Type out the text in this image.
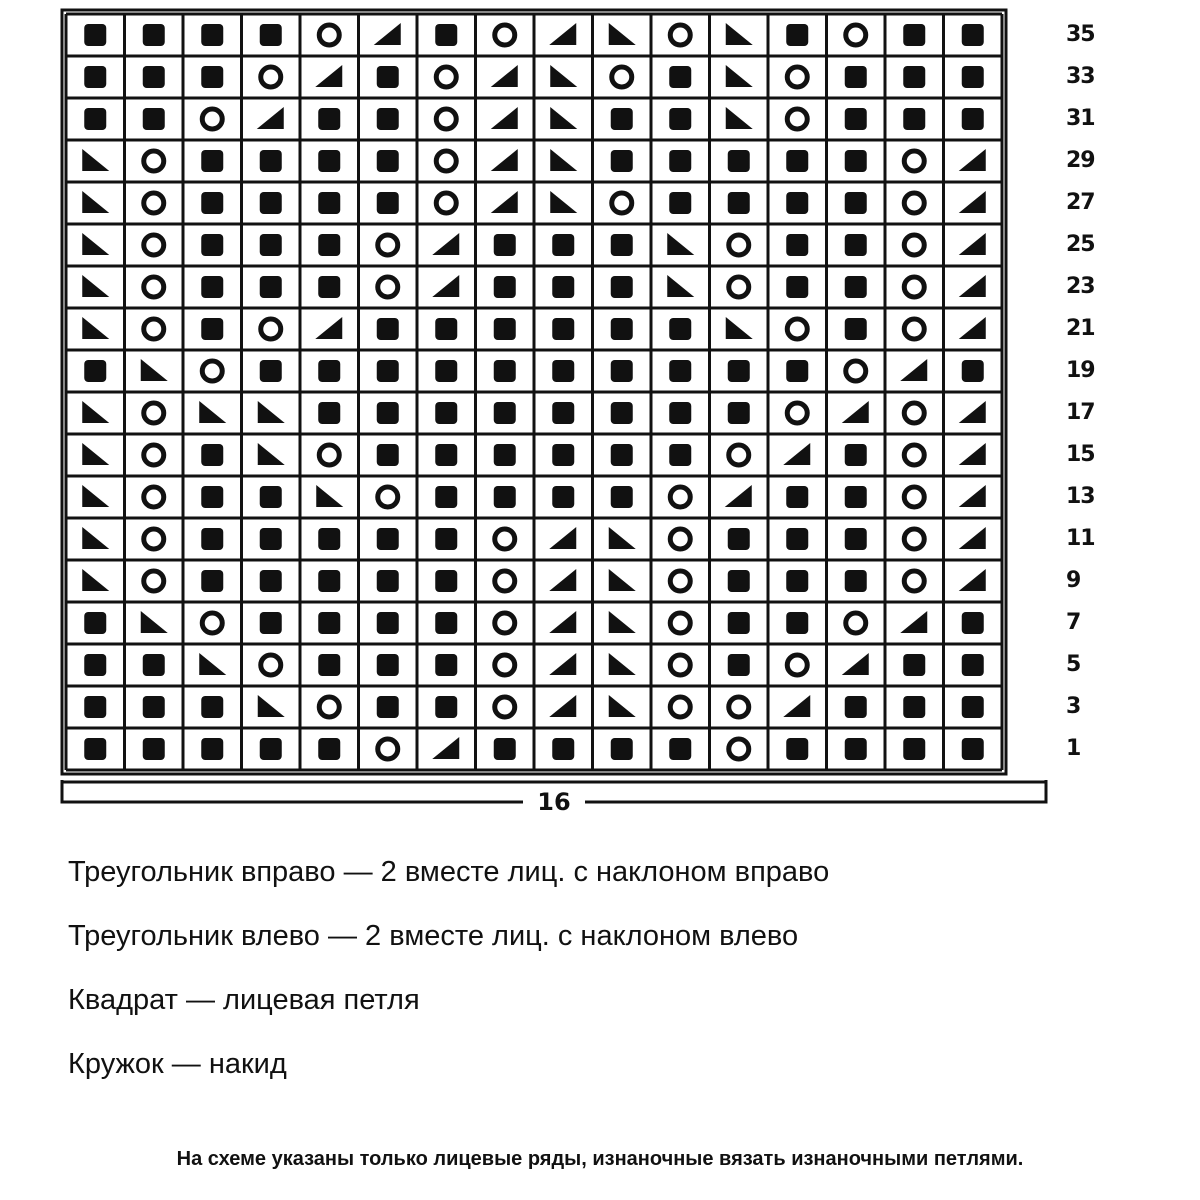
35
33
31
29
27
25
23
21
19
17
15
13
11
9
7
5
3
1
16
Треугольник вправо — 2 вместе лиц. с наклоном вправо
Треугольник влево — 2 вместе лиц. с наклоном влево
Квадрат — лицевая петля
Кружок — накид
На схеме указаны только лицевые ряды, изнаночные вязать изнаночными петлями.
